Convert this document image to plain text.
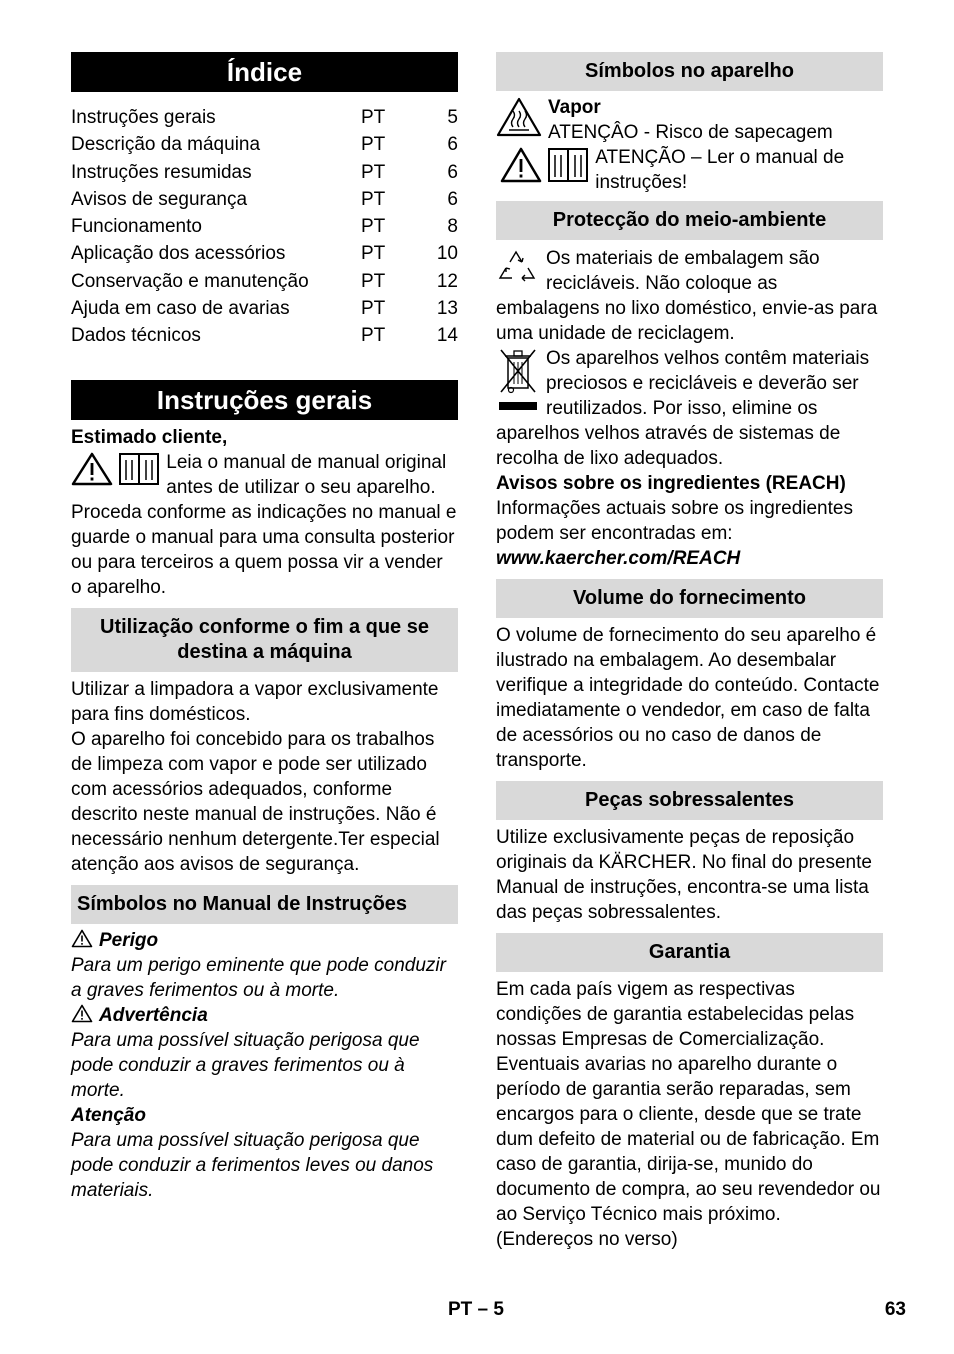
Índice
Instruções gerais	PT	5
Descrição da máquina	PT	6
Instruções resumidas	PT	6
Avisos de segurança	PT	6
Funcionamento	PT	8
Aplicação dos acessórios	PT	10
Conservação e manutenção	PT	12
Ajuda em caso de avarias	PT	13
Dados técnicos	PT	14
Instruções gerais

Estimado cliente,

Leia o manual de manual original antes de utilizar o seu aparelho. Proceda conforme as indicações no manual e guarde o manual para uma consulta posterior ou para terceiros a quem possa vir a vender o aparelho.

Utilização conforme o fim a que se destina a máquina

Utilizar a limpadora a vapor exclusivamente para fins domésticos.

O aparelho foi concebido para os trabalhos de limpeza com vapor e pode ser utilizado com acessórios adequados, conforme descrito neste manual de instruções. Não é necessário nenhum detergente.Ter especial atenção aos avisos de segurança.

Símbolos no Manual de Instruções

Perigo

Para um perigo eminente que pode conduzir a graves ferimentos ou à morte.

Advertência

Para uma possível situação perigosa que pode conduzir a graves ferimentos ou à morte.

Atenção

Para uma possível situação perigosa que pode conduzir a ferimentos leves ou danos materiais.

Símbolos no aparelho

Vapor

ATENÇÂO - Risco de sapecagem

ATENÇÃO – Ler o manual de instruções!

Protecção do meio-ambiente

Os materiais de embalagem são recicláveis. Não coloque as embalagens no lixo doméstico, envie-as para uma unidade de reciclagem.

Os aparelhos velhos contêm materiais preciosos e recicláveis e deverão ser reutilizados. Por isso, elimine os aparelhos velhos através de sistemas de recolha de lixo adequados.

Avisos sobre os ingredientes (REACH)

Informações actuais sobre os ingredientes podem ser encontradas em:

www.kaercher.com/REACH

Volume do fornecimento

O volume de fornecimento do seu aparelho é ilustrado na embalagem. Ao desembalar verifique a integridade do conteúdo. Contacte imediatamente o vendedor, em caso de falta de acessórios ou no caso de danos de transporte.

Peças sobressalentes

Utilize exclusivamente peças de reposição originais da KÄRCHER. No final do presente Manual de instruções, encontra-se uma lista das peças sobressalentes.

Garantia

Em cada país vigem as respectivas condições de garantia estabelecidas pelas nossas Empresas de Comercialização.

Eventuais avarias no aparelho durante o período de garantia serão reparadas, sem encargos para o cliente, desde que se trate dum defeito de material ou de fabricação. Em caso de garantia, dirija-se, munido do documento de compra, ao seu revendedor ou ao Serviço Técnico mais próximo.

(Endereços no verso)

PT – 5	63
